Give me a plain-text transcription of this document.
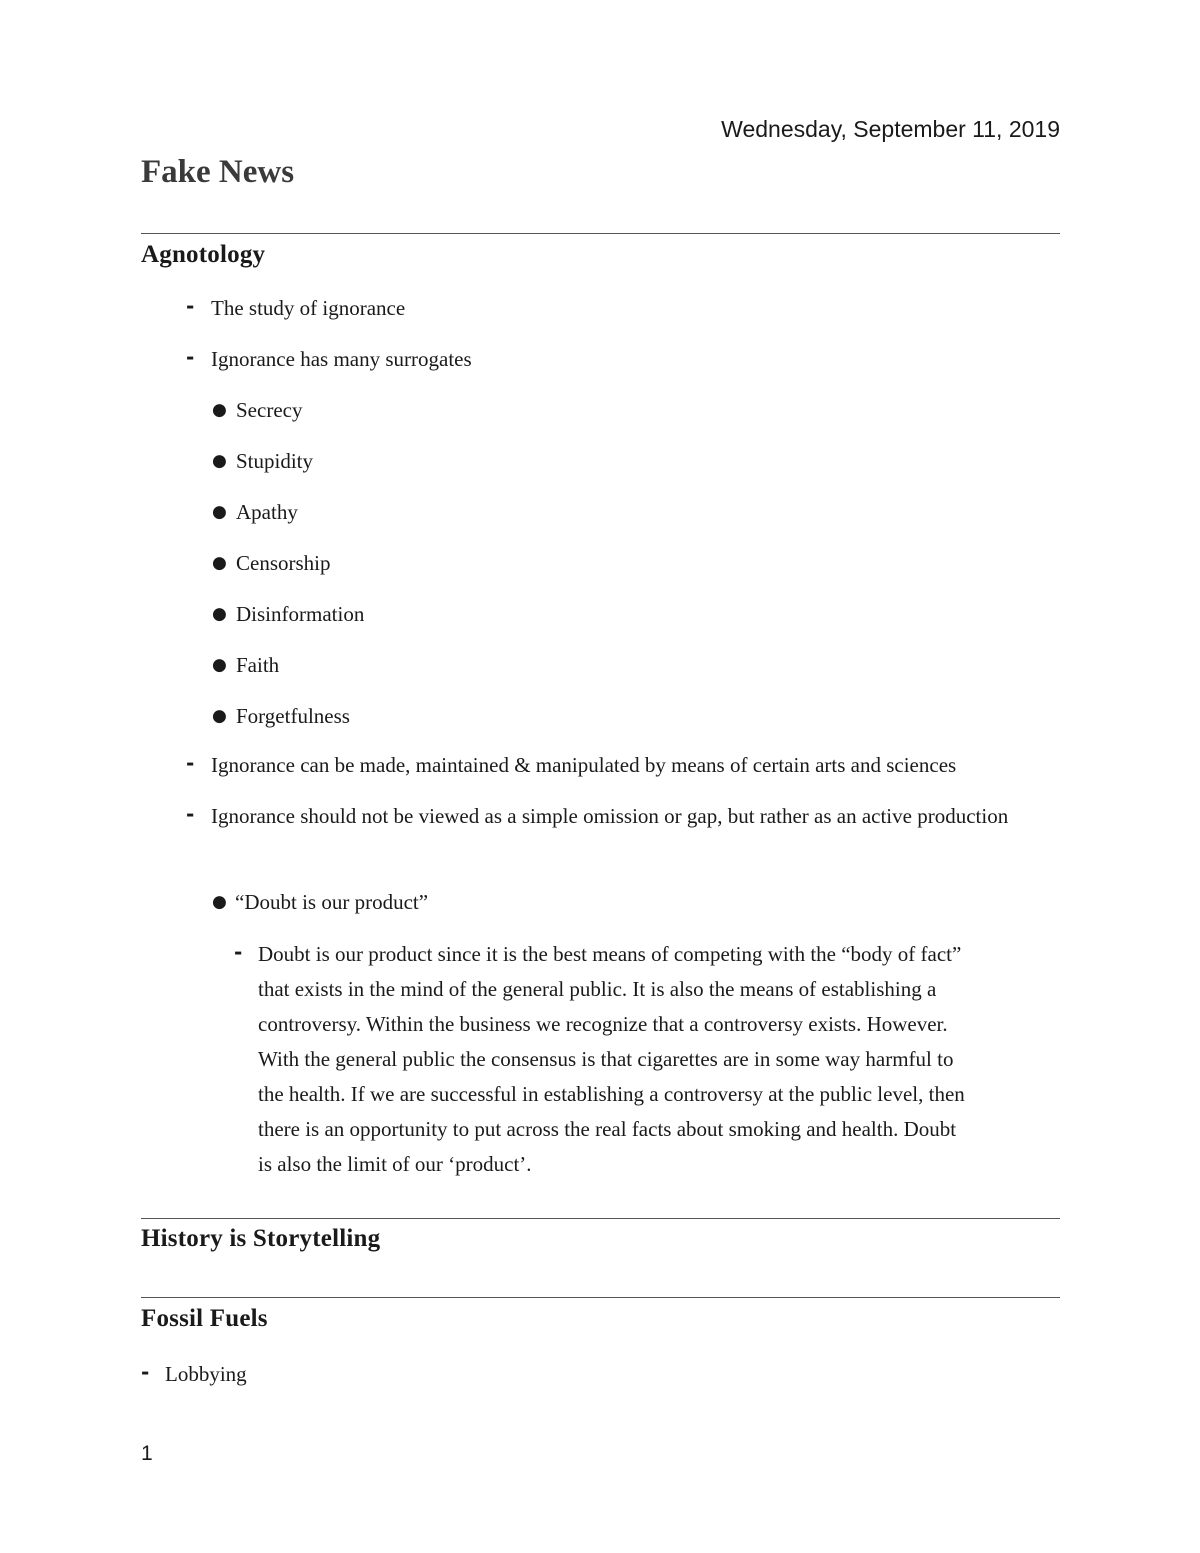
Wednesday, September 11, 2019
Fake News
Agnotology
- The study of ignorance
- Ignorance has many surrogates
● Secrecy
● Stupidity
● Apathy
● Censorship
● Disinformation
● Faith
● Forgetfulness
- Ignorance can be made, maintained & manipulated by means of certain arts and sciences
- Ignorance should not be viewed as a simple omission or gap, but rather as an active production
● “Doubt is our product”
- Doubt is our product since it is the best means of competing with the “body of fact”
that exists in the mind of the general public. It is also the means of establishing a
controversy. Within the business we recognize that a controversy exists. However.
With the general public the consensus is that cigarettes are in some way harmful to
the health. If we are successful in establishing a controversy at the public level, then
there is an opportunity to put across the real facts about smoking and health. Doubt
is also the limit of our ‘product’.
History is Storytelling
Fossil Fuels
- Lobbying
1
